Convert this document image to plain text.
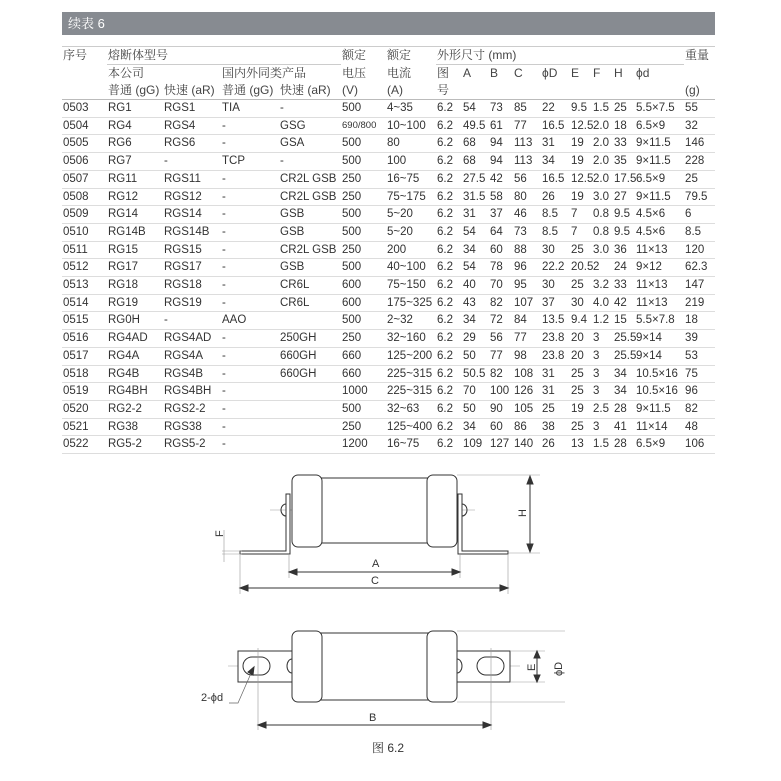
续表 6
序号	熔断体型号				额定	额定	外形尺寸 (mm)									重量
	本公司		国内外同类产品		电压	电流	图	A	B	C	ϕD	E	F	H	ϕd	
	普通 (gG)	快速 (aR)	普通 (gG)	快速 (aR)	(V)	(A)	号									(g)
0503	RG1	RGS1	TIA	-	500	4~35	6.2	54	73	85	22	9.5	1.5	25	5.5×7.5	55
0504	RG4	RGS4	-	GSG	690/800	10~100	6.2	49.5	61	77	16.5	12.5	2.0	18	6.5×9	32
0505	RG6	RGS6	-	GSA	500	80	6.2	68	94	113	31	19	2.0	33	9×11.5	146
0506	RG7	-	TCP	-	500	100	6.2	68	94	113	34	19	2.0	35	9×11.5	228
0507	RG11	RGS11	-	CR2L GSB	250	16~75	6.2	27.5	42	56	16.5	12.5	2.0	17.5	6.5×9	25
0508	RG12	RGS12	-	CR2L GSB	250	75~175	6.2	31.5	58	80	26	19	3.0	27	9×11.5	79.5
0509	RG14	RGS14	-	GSB	500	5~20	6.2	31	37	46	8.5	7	0.8	9.5	4.5×6	6
0510	RG14B	RGS14B	-	GSB	500	5~20	6.2	54	64	73	8.5	7	0.8	9.5	4.5×6	8.5
0511	RG15	RGS15	-	CR2L GSB	250	200	6.2	34	60	88	30	25	3.0	36	11×13	120
0512	RG17	RGS17	-	GSB	500	40~100	6.2	54	78	96	22.2	20.5	2	24	9×12	62.3
0513	RG18	RGS18	-	CR6L	600	75~150	6.2	40	70	95	30	25	3.2	33	11×13	147
0514	RG19	RGS19	-	CR6L	600	175~325	6.2	43	82	107	37	30	4.0	42	11×13	219
0515	RG0H	-	AAO		500	2~32	6.2	34	72	84	13.5	9.4	1.2	15	5.5×7.8	18
0516	RG4AD	RGS4AD	-	250GH	250	32~160	6.2	29	56	77	23.8	20	3	25.5	9×14	39
0517	RG4A	RGS4A	-	660GH	660	125~200	6.2	50	77	98	23.8	20	3	25.5	9×14	53
0518	RG4B	RGS4B	-	660GH	660	225~315	6.2	50.5	82	108	31	25	3	34	10.5×16	75
0519	RG4BH	RGS4BH	-		1000	225~315	6.2	70	100	126	31	25	3	34	10.5×16	96
0520	RG2-2	RGS2-2	-		500	32~63	6.2	50	90	105	25	19	2.5	28	9×11.5	82
0521	RG38	RGS38	-		250	125~400	6.2	34	60	86	38	25	3	41	11×14	48
0522	RG5-2	RGS5-2	-		1200	16~75	6.2	109	127	140	26	13	1.5	28	6.5×9	106
F
H
A
C
E ϕD
2-ϕd
B
图 6.2
